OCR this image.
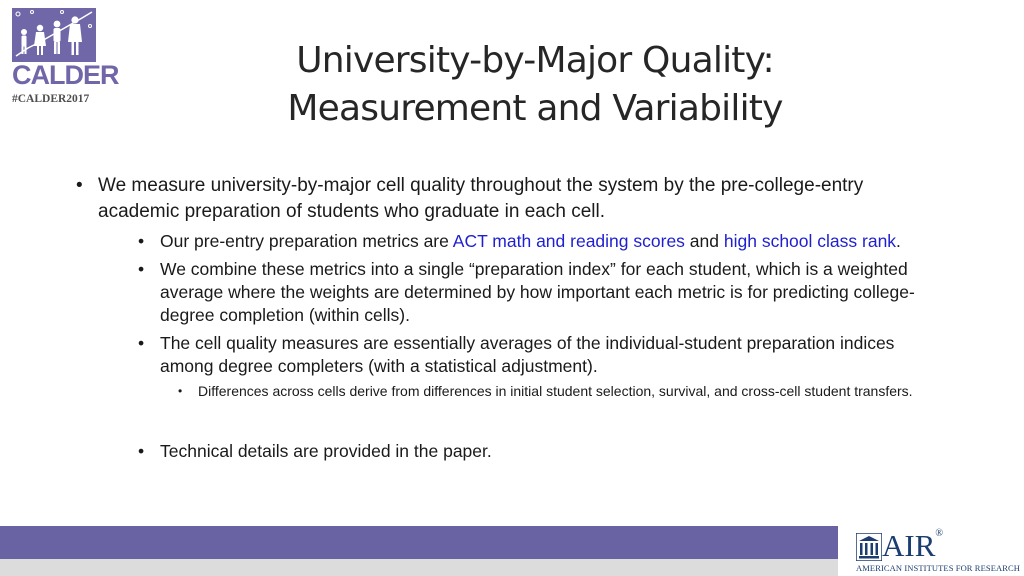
CALDER
#CALDER2017
University-by-Major Quality:
Measurement and Variability
• We measure university-by-major cell quality throughout the system by the pre-college-entry academic preparation of students who graduate in each cell.
• Our pre-entry preparation metrics are ACT math and reading scores and high school class rank.
• We combine these metrics into a single “preparation index” for each student, which is a weighted average where the weights are determined by how important each metric is for predicting college-degree completion (within cells).
• The cell quality measures are essentially averages of the individual-student preparation indices among degree completers (with a statistical adjustment).
• Differences across cells derive from differences in initial student selection, survival, and cross-cell student transfers.
• Technical details are provided in the paper.
AIR®
AMERICAN INSTITUTES FOR RESEARCH
